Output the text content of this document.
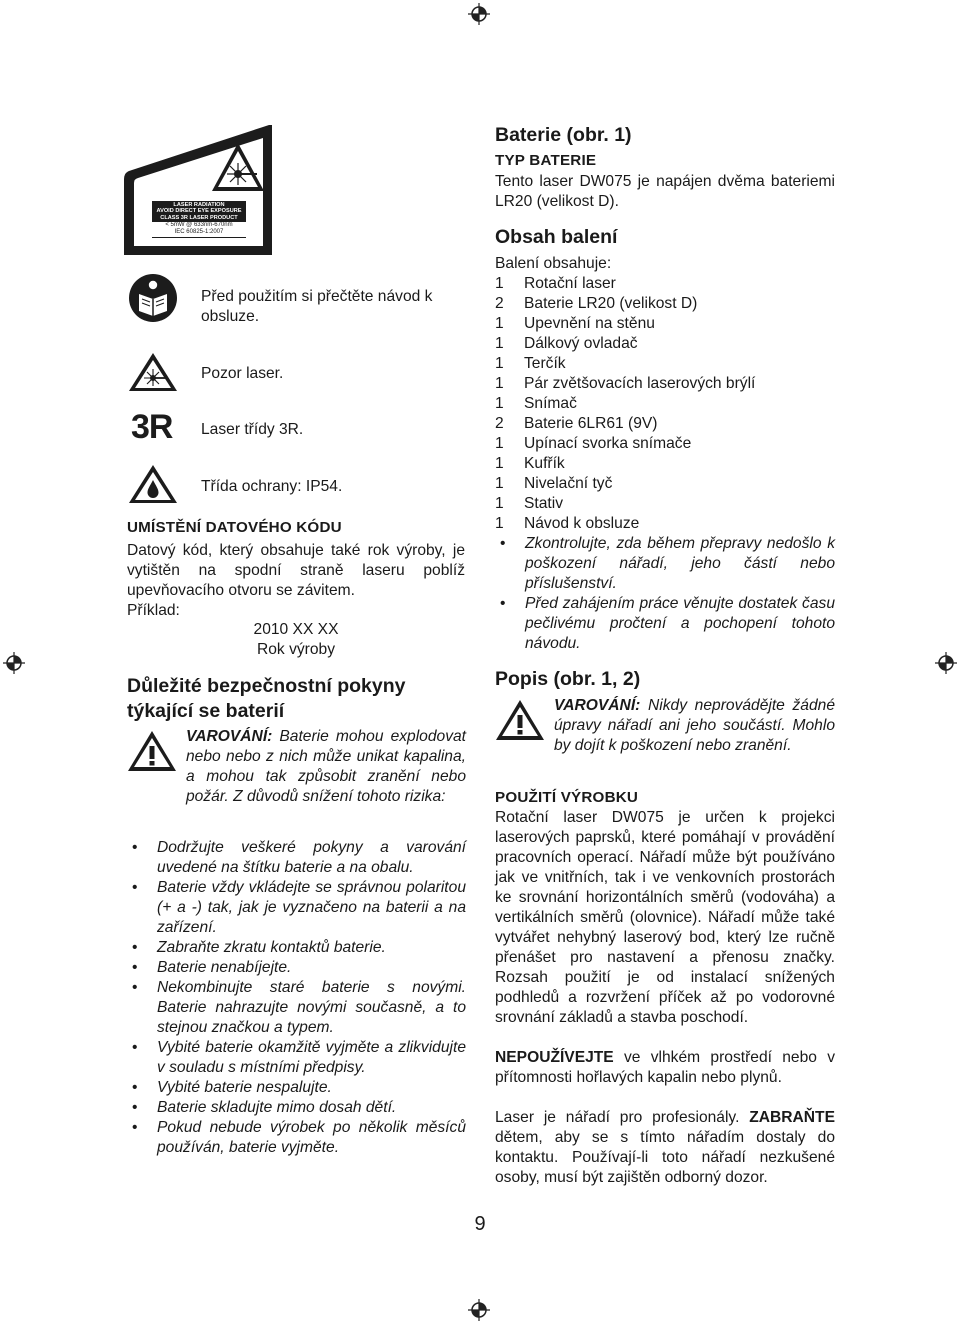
LASER RADIATION
AVOID DIRECT EYE EXPOSURE
CLASS 3R LASER PRODUCT
< 5mW @ 633nm-670nm
IEC 60825-1:2007
3R
Před použitím si přečtěte návod k obsluze.
Pozor laser.
Laser třídy 3R.
Třída ochrany: IP54.
UMÍSTĚNÍ DATOVÉHO KÓDU
Datový kód, který obsahuje také rok výroby, je vytištěn na spodní straně laseru poblíž upevňovacího otvoru se závitem.
Příklad:
2010 XX XX
Rok výroby
Důležité bezpečnostní pokyny
týkající se baterií
VAROVÁNÍ: Baterie mohou explodovat nebo nebo z nich může unikat kapalina, a mohou tak způsobit zranění nebo požár. Z důvodů snížení tohoto rizika:
• Dodržujte veškeré pokyny a varování uvedené na štítku baterie a na obalu.
• Baterie vždy vkládejte se správnou polaritou (+ a -) tak, jak je vyznačeno na baterii a na zařízení.
• Zabraňte zkratu kontaktů baterie.
• Baterie nenabíjejte.
• Nekombinujte staré baterie s novými. Baterie nahrazujte novými současně, a to stejnou značkou a typem.
• Vybité baterie okamžitě vyjměte a zlikvidujte v souladu s místními předpisy.
• Vybité baterie nespalujte.
• Baterie skladujte mimo dosah dětí.
• Pokud nebude výrobek po několik měsíců používán, baterie vyjměte.
Baterie (obr. 1)
TYP BATERIE
Tento laser DW075 je napájen dvěma bateriemi LR20 (velikost D).
Obsah balení
Balení obsahuje:
1	Rotační laser
2	Baterie LR20 (velikost D)
1	Upevnění na stěnu
1	Dálkový ovladač
1	Terčík
1	Pár zvětšovacích laserových brýlí
1	Snímač
2	Baterie 6LR61 (9V)
1	Upínací svorka snímače
1	Kufřík
1	Nivelační tyč
1	Stativ
1	Návod k obsluze
• Zkontrolujte, zda během přepravy nedošlo k poškození nářadí, jeho částí nebo příslušenství.
• Před zahájením práce věnujte dostatek času pečlivému pročtení a pochopení tohoto návodu.
Popis (obr. 1, 2)
VAROVÁNÍ: Nikdy neprovádějte žádné úpravy nářadí ani jeho součástí. Mohlo by dojít k poškození nebo zranění.
POUŽITÍ VÝROBKU
Rotační laser DW075 je určen k projekci laserových paprsků, které pomáhají v provádění pracovních operací. Nářadí může být používáno jak ve vnitřních, tak i ve venkovních prostorách ke srovnání horizontálních směrů (vodováha) a vertikálních směrů (olovnice). Nářadí může také vytvářet nehybný laserový bod, který lze ručně přenášet pro nastavení a přenosu značky. Rozsah použití je od instalací snížených podhledů a rozvržení příček až po vodorovné srovnání základů a stavba poschodí.
NEPOUŽÍVEJTE ve vlhkém prostředí nebo v přítomnosti hořlavých kapalin nebo plynů.
Laser je nářadí pro profesionály. ZABRAŇTE dětem, aby se s tímto nářadím dostaly do kontaktu. Používají-li toto nářadí nezkušené osoby, musí být zajištěn odborný dozor.
9
